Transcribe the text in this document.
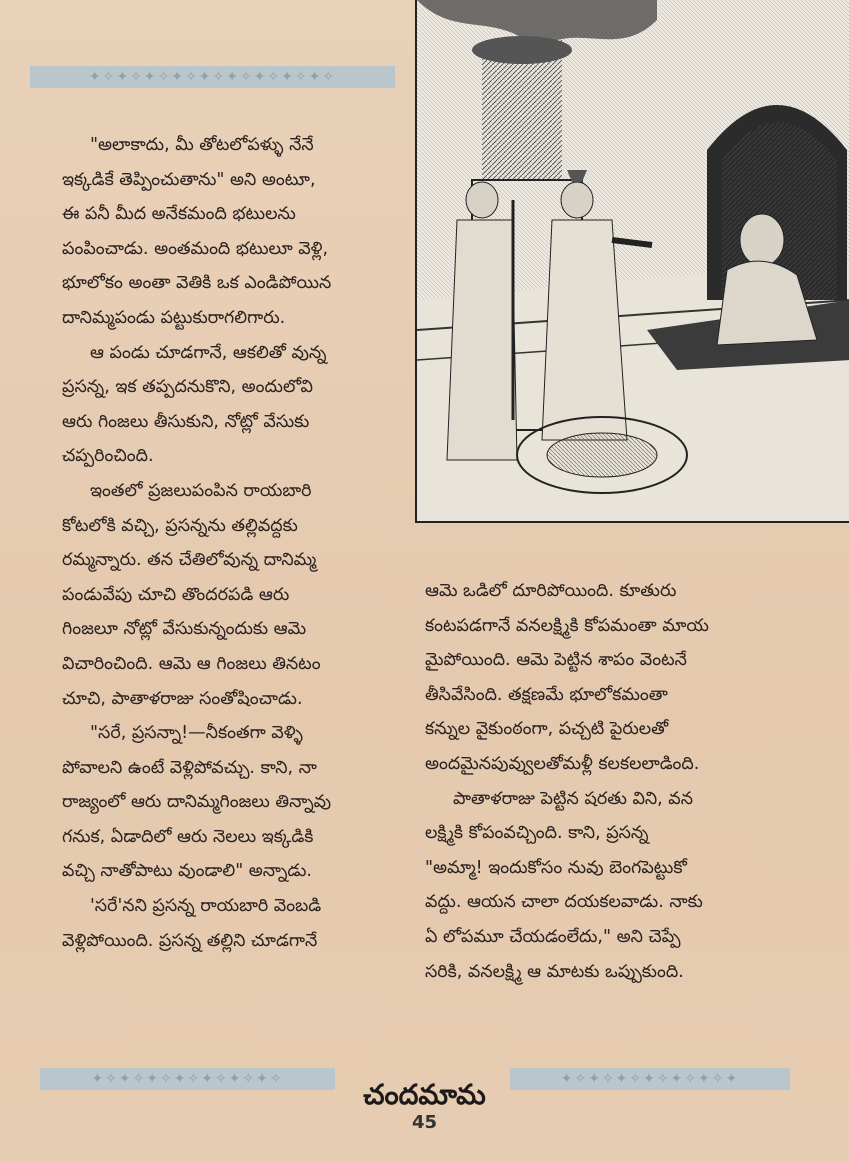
✦✧✦✧✦✧✦✧✦✧✦✧✦✧✦✧✦✧

"అలాకాదు, మీ తోటలోపళ్ళు నేనే

ఇక్కడికే తెప్పించుతాను" అని అంటూ,

ఈ పనీ మీద అనేకమంది భటులను

పంపించాడు. అంతమంది భటులూ వెళ్లి,

భూలోకం అంతా వెతికి ఒక ఎండిపోయిన

దానిమ్మపండు పట్టుకురాగలిగారు.

ఆ పండు చూడగానే, ఆకలితో వున్న

ప్రసన్న, ఇక తప్పదనుకొని, అందులోవి

ఆరు గింజలు తీసుకుని, నోట్లో వేసుకు

చప్పరించింది.

ఇంతలో ప్రజలుపంపిన రాయబారి

కోటలోకి వచ్చి, ప్రసన్నను తల్లివద్దకు

రమ్మన్నారు. తన చేతిలోవున్న దానిమ్మ

పండువేపు చూచి తొందరపడి ఆరు

గింజలూ నోట్లో వేసుకున్నందుకు ఆమె

విచారించింది. ఆమె ఆ గింజలు తినటం

చూచి, పాతాళరాజు సంతోషించాడు.

"సరే, ప్రసన్నా!—నీకంతగా వెళ్ళి

పోవాలని ఉంటే వెళ్లిపోవచ్చు. కాని, నా

రాజ్యంలో ఆరు దానిమ్మగింజలు తిన్నావు

గనుక, ఏడాదిలో ఆరు నెలలు ఇక్కడికి

వచ్చి నాతోపాటు వుండాలి" అన్నాడు.

'సరే'నని ప్రసన్న రాయబారి వెంబడి

వెళ్లిపోయింది. ప్రసన్న తల్లిని చూడగానే

ఆమె ఒడిలో దూరిపోయింది. కూతురు

కంటపడగానే వనలక్ష్మికి కోపమంతా మాయ

మైపోయింది. ఆమె పెట్టిన శాపం వెంటనే

తీసివేసింది. తక్షణమే భూలోకమంతా

కన్నుల వైకుంఠంగా, పచ్చటి పైరులతో

అందమైనపువ్వులతోమళ్లీ కలకలలాడింది.

పాతాళరాజు పెట్టిన షరతు విని, వన

లక్ష్మికి కోపంవచ్చింది. కాని, ప్రసన్న

"అమ్మా! ఇందుకోసం నువు బెంగపెట్టుకో

వద్దు. ఆయన చాలా దయకలవాడు. నాకు

ఏ లోపమూ చేయడంలేదు," అని చెప్పే

సరికి, వనలక్ష్మి ఆ మాటకు ఒప్పుకుంది.

✦✧✦✧✦✧✦✧✦✧✦✧✦✧	✦✧✦✧✦✧✦✧✦✧✦✧✦
చందమామ
45
